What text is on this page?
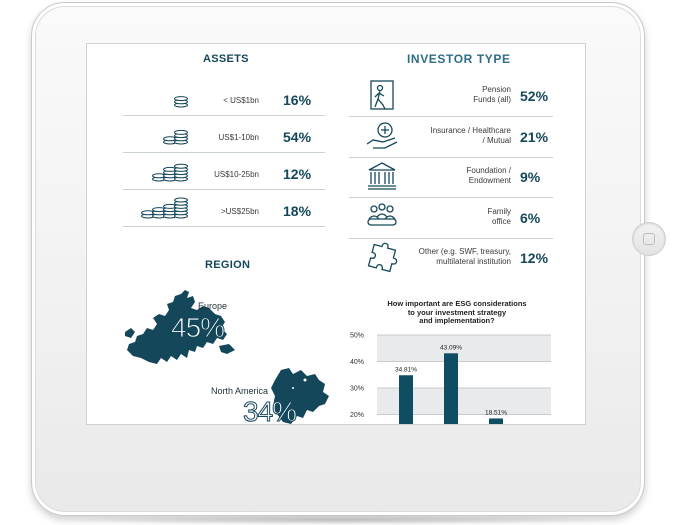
ASSETS
< US$1bn 16%
US$1-10bn 54%
US$10-25bn 12%
>US$25bn 18%
INVESTOR TYPE
Pension
Funds (all) 52%
Insurance / Healthcare
/ Mutual 21%
Foundation /
Endowment 9%
Family
office 6%
Other (e.g. SWF, treasury,
multilateral institution 12%
REGION
Europe
45%
North America
34%
How important are ESG considerations
to your investment strategy
and implementation?
20%
30%
40%
50%
34.81%
43.09%
18.51%
